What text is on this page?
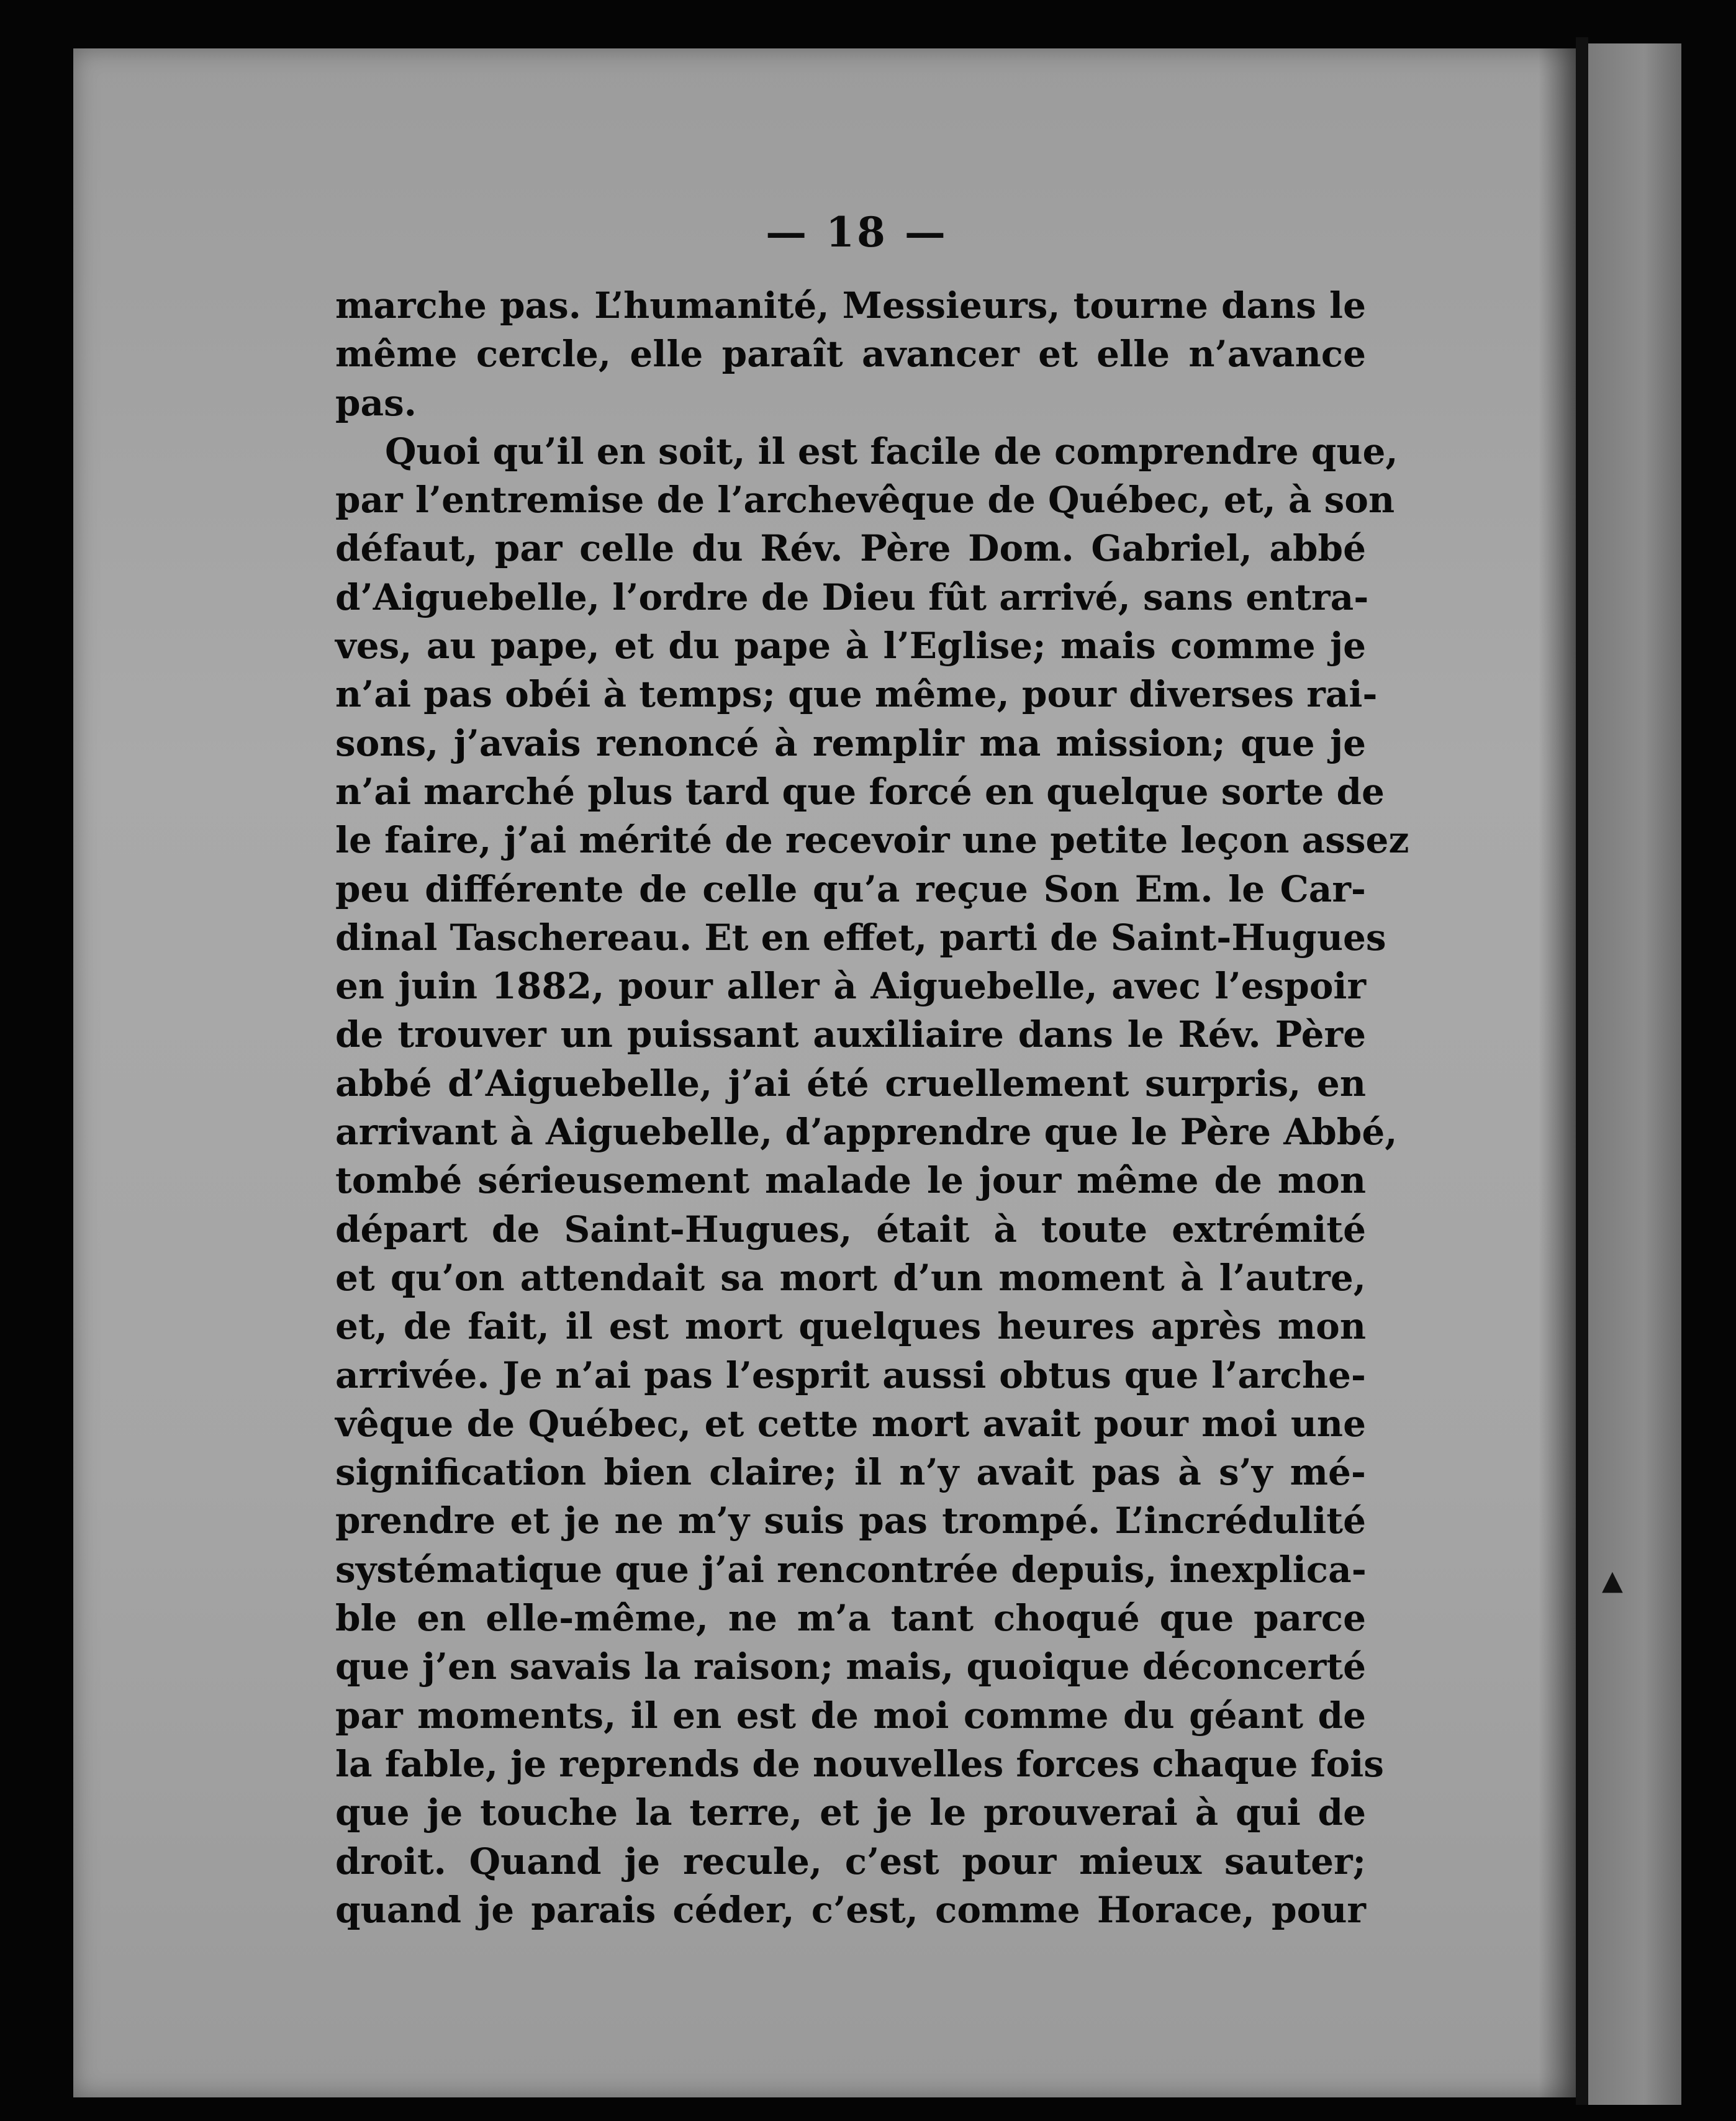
— 18 —
marche pas. L’humanité, Messieurs, tourne dans le
même cercle, elle paraît avancer et elle n’avance
pas.
Quoi qu’il en soit, il est facile de comprendre que,
par l’entremise de l’archevêque de Québec, et, à son
défaut, par celle du Rév. Père Dom. Gabriel, abbé
d’Aiguebelle, l’ordre de Dieu fût arrivé, sans entra-
ves, au pape, et du pape à l’Eglise; mais comme je
n’ai pas obéi à temps; que même, pour diverses rai-
sons, j’avais renoncé à remplir ma mission; que je
n’ai marché plus tard que forcé en quelque sorte de
le faire, j’ai mérité de recevoir une petite leçon assez
peu différente de celle qu’a reçue Son Em. le Car-
dinal Taschereau. Et en effet, parti de Saint-Hugues
en juin 1882, pour aller à Aiguebelle, avec l’espoir
de trouver un puissant auxiliaire dans le Rév. Père
abbé d’Aiguebelle, j’ai été cruellement surpris, en
arrivant à Aiguebelle, d’apprendre que le Père Abbé,
tombé sérieusement malade le jour même de mon
départ de Saint-Hugues, était à toute extrémité
et qu’on attendait sa mort d’un moment à l’autre,
et, de fait, il est mort quelques heures après mon
arrivée. Je n’ai pas l’esprit aussi obtus que l’arche-
vêque de Québec, et cette mort avait pour moi une
signification bien claire; il n’y avait pas à s’y mé-
prendre et je ne m’y suis pas trompé. L’incrédulité
systématique que j’ai rencontrée depuis, inexplica-
ble en elle-même, ne m’a tant choqué que parce
que j’en savais la raison; mais, quoique déconcerté
par moments, il en est de moi comme du géant de
la fable, je reprends de nouvelles forces chaque fois
que je touche la terre, et je le prouverai à qui de
droit. Quand je recule, c’est pour mieux sauter;
quand je parais céder, c’est, comme Horace, pour
▲
